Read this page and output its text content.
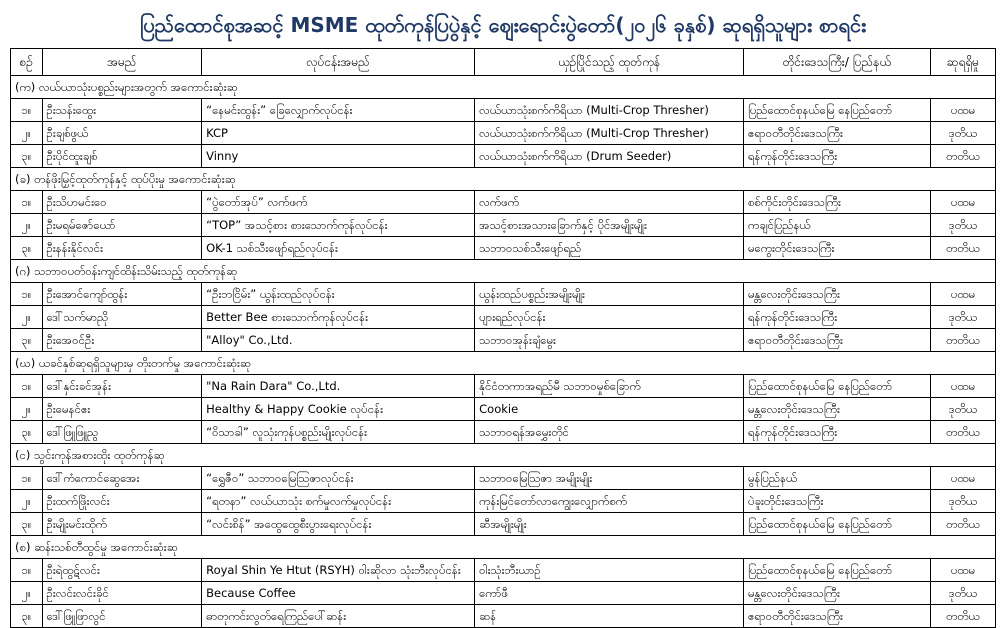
ပြည်ထောင်စုအဆင့် MSME ထုတ်ကုန်ပြပွဲနှင့် ဈေးရောင်းပွဲတော်(၂၀၂၆ ခုနှစ်) ဆုရရှိသူများ စာရင်း
စဉ်	အမည်	လုပ်ငန်းအမည်	ယှဉ်ပြိုင်သည့် ထုတ်ကုန်	တိုင်းဒေသကြီး/ ပြည်နယ်	ဆုရရှိမှု
(က) လယ်ယာသုံးပစ္စည်းများအတွက် အကောင်းဆုံးဆု					
၁။	ဦးသန်းထွေး	“နေမင်းထွန်း” ခြေလျှောက်လုပ်ငန်း	လယ်ယာသုံးစက်ကိရိယာ (Multi-Crop Thresher)	ပြည်ထောင်စုနယ်မြေ နေပြည်တော်	ပထမ
၂။	ဦးချစ်ဖွယ်	KCP	လယ်ယာသုံးစက်ကိရိယာ (Multi-Crop Thresher)	ဧရာဝတီတိုင်းဒေသကြီး	ဒုတိယ
၃။	ဦးပိုင်ထူးချစ်	Vinny	လယ်ယာသုံးစက်ကိရိယာ (Drum Seeder)	ရန်ကုန်တိုင်းဒေသကြီး	တတိယ
(ခ) တန်ဖိုးမြှင့်ထုတ်ကုန်နှင့် ထုပ်ပိုးမှု အကောင်းဆုံးဆု					
၁။	ဦးသိဟမင်းဝေ	“ပွဲတော်အုပ်” လက်ဖက်	လက်ဖက်	စစ်ကိုင်းတိုင်းဒေသကြီး	ပထမ
၂။	ဦးမရမ်ဇော်ယော်	“TOP” အသင့်စား စားသောက်ကုန်လုပ်ငန်း	အသင့်စားအသားခြောက်နှင့် ပိုင်အမျိုးမျိုး	ကချင်ပြည်နယ်	ဒုတိယ
၃။	ဦးနန်းနိုင်လင်း	OK-1 သစ်သီးဖျော်ရည်လုပ်ငန်း	သဘာဝသစ်သီးဖျော်ရည်	မကွေးတိုင်းဒေသကြီး	တတိယ
(ဂ) သဘာဝပတ်ဝန်းကျင်ထိန်းသိမ်းသည့် ထုတ်ကုန်ဆု					
၁။	ဦးအောင်ကျော်ထွန်း	“ဦးဘငြိမ်း” ယွန်းထည်လုပ်ငန်း	ယွန်းထည်ပစ္စည်းအမျိုးမျိုး	မန္တလေးတိုင်းဒေသကြီး	ပထမ
၂။	ဒေါ်သက်မာညို	Better Bee စားသောက်ကုန်လုပ်ငန်း	ပျားရည်လုပ်ငန်း	ရန်ကုန်တိုင်းဒေသကြီး	ဒုတိယ
၃။	ဦးအေဝင်ဦး	"Alloy" Co.,Ltd.	သဘာဝအုန်းချံမွေး	ဧရာဝတီတိုင်းဒေသကြီး	တတိယ
(ဃ) ယခင်နှစ်ဆုရရှိသူများမှ တိုးတက်မှု အကောင်းဆုံးဆု					
၁။	ဒေါ်နှင်းခင်အုန်း	"Na Rain Dara" Co.,Ltd.	နိုင်ငံတကာအရည်မီ သဘာဝမှုစ်ခြောက်	ပြည်ထောင်စုနယ်မြေ နေပြည်တော်	ပထမ
၂။	ဦးမေနင်ဧး	Healthy & Happy Cookie လုပ်ငန်း	Cookie	မန္တလေးတိုင်းဒေသကြီး	ဒုတိယ
၃။	ဒေါ်ဖြူဖြူညွ	“ဝိသာခါ” လူသုံးကုန်ပစ္စည်းမျိုးလုပ်ငန်း	သဘာဝရန်အမွှေးတိုင်	ရန်ကုန်တိုင်းဒေသကြီး	တတိယ
(င) သွင်းကုန်အစားထိုး ထုတ်ကုန်ဆု					
၁။	ဒေါ်ကံကောင်ဆွေအေး	“ရွှေဇီဝ” သဘာဝမြေသြဇာလုပ်ငန်း	သဘာဝမြေသြဇာ အမျိုးမျိုး	မွန်ပြည်နယ်	ပထမ
၂။	ဦးထက်ဖြိုးလင်း	“ရတနာ” လယ်ယာသုံး စက်မှုလက်မှုလုပ်ငန်း	ကုန်းမြင်တော်လာကျွေးလျှောက်စက်	ပဲခူးတိုင်းဒေသကြီး	ဒုတိယ
၃။	ဦးမျိုးမင်းထိုက်	“လင်းစိန်” အထွေထွေစီးပွားရေးလုပ်ငန်း	ဆီအမျိုးမျိုး	ပြည်ထောင်စုနယ်မြေ နေပြည်တော်	တတိယ
(စ) ဆန်းသစ်တီထွင်မှု အကောင်းဆုံးဆု					
၁။	ဦးရဲထွဋ်လင်း	Royal Shin Ye Htut (RSYH) ဝါးဆိုလာ သုံးဘီးလုပ်ငန်း	ဝါးသုံးဘီးယာဉ်	ပြည်ထောင်စုနယ်မြေ နေပြည်တော်	ပထမ
၂။	ဦးလင်းလင်းခိုင်	Because Coffee	ကော်ဖီ	မန္တလေးတိုင်းဒေသကြီး	ဒုတိယ
၃။	ဒေါ်ဖြူဖြာလွင်	ဓာတုကင်းလွတ်ရေကြည်ပေါ်ဆန်း	ဆန်	ဧရာဝတီတိုင်းဒေသကြီး	တတိယ
